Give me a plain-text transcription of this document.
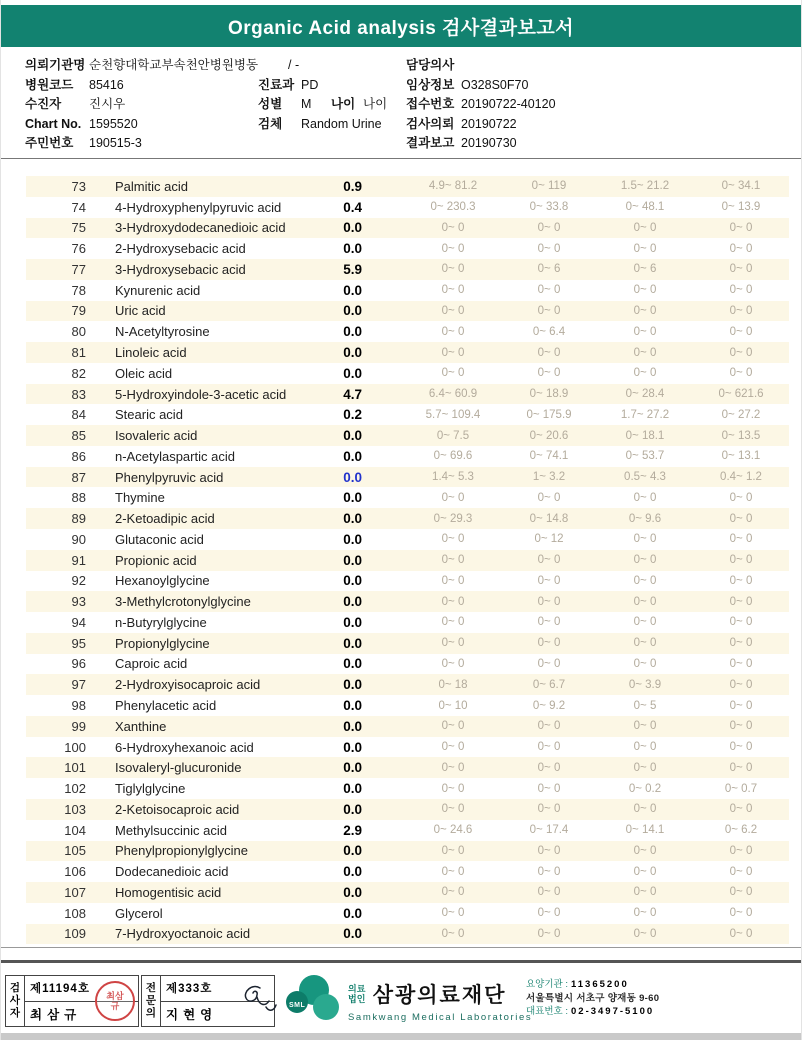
Organic Acid analysis 검사결과보고서
의뢰기관명 순천향대학교부속천안병원병동 / -	담당의사
병원코드 85416	진료과 PD	임상정보 O328S0F70
수진자 진시우	성별 M 나이 나이 접수번호 20190722-40120
Chart No. 1595520	검체 Random Urine 검사의뢰 20190722
주민번호 190515-3	결과보고 20190730
73	Palmitic acid	0.9	4.9~ 81.2	0~ 119	1.5~ 21.2	0~ 34.1
74	4-Hydroxyphenylpyruvic acid	0.4	0~ 230.3	0~ 33.8	0~ 48.1	0~ 13.9
75	3-Hydroxydodecanedioic acid	0.0	0~ 0	0~ 0	0~ 0	0~ 0
76	2-Hydroxysebacic acid	0.0	0~ 0	0~ 0	0~ 0	0~ 0
77	3-Hydroxysebacic acid	5.9	0~ 0	0~ 6	0~ 6	0~ 0
78	Kynurenic acid	0.0	0~ 0	0~ 0	0~ 0	0~ 0
79	Uric acid	0.0	0~ 0	0~ 0	0~ 0	0~ 0
80	N-Acetyltyrosine	0.0	0~ 0	0~ 6.4	0~ 0	0~ 0
81	Linoleic acid	0.0	0~ 0	0~ 0	0~ 0	0~ 0
82	Oleic acid	0.0	0~ 0	0~ 0	0~ 0	0~ 0
83	5-Hydroxyindole-3-acetic acid	4.7	6.4~ 60.9	0~ 18.9	0~ 28.4	0~ 621.6
84	Stearic acid	0.2	5.7~ 109.4	0~ 175.9	1.7~ 27.2	0~ 27.2
85	Isovaleric acid	0.0	0~ 7.5	0~ 20.6	0~ 18.1	0~ 13.5
86	n-Acetylaspartic acid	0.0	0~ 69.6	0~ 74.1	0~ 53.7	0~ 13.1
87	Phenylpyruvic acid	0.0	1.4~ 5.3	1~ 3.2	0.5~ 4.3	0.4~ 1.2
88	Thymine	0.0	0~ 0	0~ 0	0~ 0	0~ 0
89	2-Ketoadipic acid	0.0	0~ 29.3	0~ 14.8	0~ 9.6	0~ 0
90	Glutaconic acid	0.0	0~ 0	0~ 12	0~ 0	0~ 0
91	Propionic acid	0.0	0~ 0	0~ 0	0~ 0	0~ 0
92	Hexanoylglycine	0.0	0~ 0	0~ 0	0~ 0	0~ 0
93	3-Methylcrotonylglycine	0.0	0~ 0	0~ 0	0~ 0	0~ 0
94	n-Butyrylglycine	0.0	0~ 0	0~ 0	0~ 0	0~ 0
95	Propionylglycine	0.0	0~ 0	0~ 0	0~ 0	0~ 0
96	Caproic acid	0.0	0~ 0	0~ 0	0~ 0	0~ 0
97	2-Hydroxyisocaproic acid	0.0	0~ 18	0~ 6.7	0~ 3.9	0~ 0
98	Phenylacetic acid	0.0	0~ 10	0~ 9.2	0~ 5	0~ 0
99	Xanthine	0.0	0~ 0	0~ 0	0~ 0	0~ 0
100	6-Hydroxyhexanoic acid	0.0	0~ 0	0~ 0	0~ 0	0~ 0
101	Isovaleryl-glucuronide	0.0	0~ 0	0~ 0	0~ 0	0~ 0
102	Tiglylglycine	0.0	0~ 0	0~ 0	0~ 0.2	0~ 0.7
103	2-Ketoisocaproic acid	0.0	0~ 0	0~ 0	0~ 0	0~ 0
104	Methylsuccinic acid	2.9	0~ 24.6	0~ 17.4	0~ 14.1	0~ 6.2
105	Phenylpropionylglycine	0.0	0~ 0	0~ 0	0~ 0	0~ 0
106	Dodecanedioic acid	0.0	0~ 0	0~ 0	0~ 0	0~ 0
107	Homogentisic acid	0.0	0~ 0	0~ 0	0~ 0	0~ 0
108	Glycerol	0.0	0~ 0	0~ 0	0~ 0	0~ 0
109	7-Hydroxyoctanoic acid	0.0	0~ 0	0~ 0	0~ 0	0~ 0
검사자 제11194호
최삼규
최삼규	전문의 제333호
지현영
SML
의료법인 삼광의료재단
Samkwang Medical Laboratories
요양기관 : 11365200
서울특별시 서초구 양재동 9-60
대표번호 : 02-3497-5100
